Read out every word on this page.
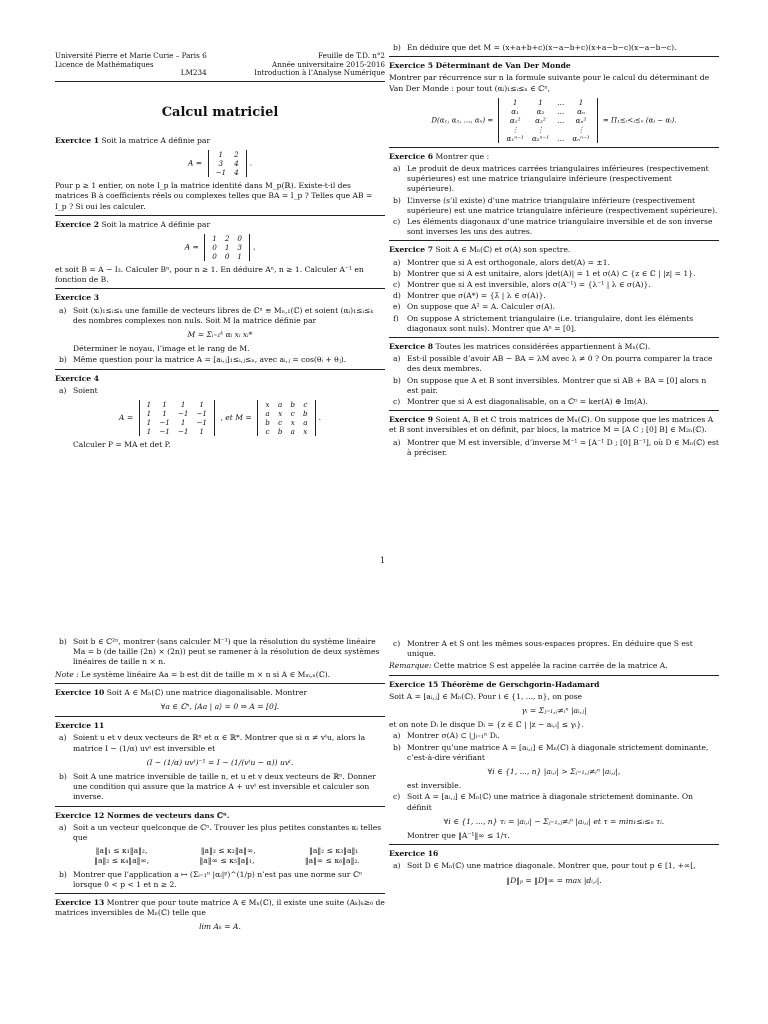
Université Pierre et Marie Curie – Paris 6
Licence de Mathématiques
LM234
Feuille de T.D. n°2
Année universitaire 2015-2016
Introduction à l’Analyse Numérique
Calcul matriciel
Exercice 1 Soit la matrice A définie par
A =
1	2
3	4
−1	4
.
Pour p ≥ 1 entier, on note I_p la matrice identité dans M_p(ℝ). Existe-t-il des matrices B à coefficients réels ou complexes telles que BA = I_p ? Telles que AB = I_p ? Si oui les calculer.
Exercice 2 Soit la matrice A définie par
A =
1	2	0
0	1	3
0	0	1
,
et soit B = A − I₃. Calculer Bⁿ, pour n ≥ 1. En déduire Aⁿ, n ≥ 1. Calculer A⁻¹ en fonction de B.
Exercice 3
a) Soit (xᵢ)₁≤ᵢ≤ₖ une famille de vecteurs libres de ℂⁿ ≡ Mₙ,₁(ℂ) et soient (αᵢ)₁≤ᵢ≤ₖ des nombres complexes non nuls. Soit M la matrice définie par
M = Σᵢ₌₁ᵏ αᵢ xᵢ xᵢ*
Déterminer le noyau, l’image et le rang de M.
b) Même question pour la matrice A = [aᵢ,ⱼ]₁≤ᵢ,ⱼ≤ₙ, avec aᵢ,ⱼ = cos(θᵢ + θⱼ).
Exercice 4
a) Soient
A =
1	1	1	1
1	1	−1	−1
1	−1	1	−1
1	−1	−1	1
, et M =
x	a	b	c
a	x	c	b
b	c	x	a
c	b	a	x
.
Calculer P = MA et det P.
b) En déduire que det M = (x+a+b+c)(x−a−b+c)(x+a−b−c)(x−a−b−c).
Exercice 5 Déterminant de Van Der Monde
Montrer par récurrence sur n la formule suivante pour le calcul du déterminant de Van Der Monde : pour tout (αᵢ)₁≤ᵢ≤ₙ ∈ ℂⁿ,
D(α₁, α₂, ..., αₙ) =
1	1	…	1
α₁	α₂	…	αₙ
α₁²	α₂²	…	αₙ²
⋮	⋮		⋮
α₁ⁿ⁻¹	α₂ⁿ⁻¹	…	αₙⁿ⁻¹
= Π₁≤ᵢ<ⱼ≤ₙ (αⱼ − αᵢ).
Exercice 6 Montrer que :
a) Le produit de deux matrices carrées triangulaires inférieures (respectivement supérieures) est une matrice triangulaire inférieure (respectivement supérieure).
b) L’inverse (s’il existe) d’une matrice triangulaire inférieure (respectivement supérieure) est une matrice triangulaire inférieure (respectivement supérieure).
c) Les éléments diagonaux d’une matrice triangulaire inversible et de son inverse sont inverses les uns des autres.
Exercice 7 Soit A ∈ Mₙ(ℂ) et σ(A) son spectre.
a) Montrer que si A est orthogonale, alors det(A) = ±1.
b) Montrer que si A est unitaire, alors |det(A)| = 1 et σ(A) ⊂ {z ∈ ℂ | |z| = 1}.
c) Montrer que si A est inversible, alors σ(A⁻¹) = {λ⁻¹ | λ ∈ σ(A)}.
d) Montrer que σ(A*) = {λ̄ | λ ∈ σ(A)}.
e) On suppose que A² = A. Calculer σ(A).
f)	On suppose A strictement triangulaire (i.e. triangulaire, dont les éléments diagonaux sont nuls). Montrer que Aⁿ = [0].
Exercice 8 Toutes les matrices considérées appartiennent à Mₙ(ℂ).
a) Est-il possible d’avoir AB − BA = λM avec λ ≠ 0 ? On pourra comparer la trace des deux membres.
b) On suppose que A et B sont inversibles. Montrer que si AB + BA = [0] alors n est pair.
c) Montrer que si A est diagonalisable, on a ℂⁿ = ker(A) ⊕ Im(A).
Exercice 9 Soient A, B et C trois matrices de Mₙ(ℂ). On suppose que les matrices A et B sont inversibles et on définit, par blocs, la matrice M = [A C ; [0] B] ∈ M₂ₙ(ℂ).
a) Montrer que M est inversible, d’inverse M⁻¹ = [A⁻¹ D ; [0] B⁻¹], où D ∈ Mₙ(ℂ) est à préciser.
1
b) Soit b ∈ ℂ²ⁿ, montrer (sans calculer M⁻¹) que la résolution du système linéaire Ma = b (de taille (2n) × (2n)) peut se ramener à la résolution de deux systèmes linéaires de taille n × n.
Note : Le système linéaire Aa = b est dit de taille m × n si A ∈ Mₘ,ₙ(ℂ).
Exercice 10 Soit A ∈ Mₙ(ℂ) une matrice diagonalisable. Montrer
∀a ∈ ℂⁿ, ⟨Aa | a⟩ = 0 ⇒ A = [0].
Exercice 11
a) Soient u et v deux vecteurs de ℝⁿ et α ∈ ℝ*. Montrer que si α ≠ vᵗu, alors la matrice I − (1/α) uvᵗ est inversible et
(I − (1/α) uvᵗ)⁻¹ = I − (1/(vᵗu − α)) uvᵗ.
b) Soit A une matrice inversible de taille n, et u et v deux vecteurs de ℝⁿ. Donner une condition qui assure que la matrice A + uvᵗ est inversible et calculer son inverse.
Exercice 12 Normes de vecteurs dans ℂⁿ.
a) Soit a un vecteur quelconque de ℂⁿ. Trouver les plus petites constantes κᵢ telles que
‖a‖₁ ≤ κ₁‖a‖₂,	‖a‖₂ ≤ κ₂‖a‖∞,	‖a‖₂ ≤ κ₃‖a‖₁
‖a‖₂ ≤ κ₄‖a‖∞,	‖a‖∞ ≤ κ₅‖a‖₁,	‖a‖∞ ≤ κ₆‖a‖₂.
b) Montrer que l’application a ↦ (Σᵢ₌₁ⁿ |αᵢ|ᵖ)^(1/p) n’est pas une norme sur ℂⁿ lorsque 0 < p < 1 et n ≥ 2.
Exercice 13 Montrer que pour toute matrice A ∈ Mₙ(ℂ), il existe une suite (Aₖ)ₖ≥₀ de matrices inversibles de Mₙ(ℂ) telle que
lim Aₖ = A.
c) Montrer A et S ont les mêmes sous-espaces propres. En déduire que S est unique.
Remarque: Cette matrice S est appelée la racine carrée de la matrice A.
Exercice 15 Théorème de Gerschgorin-Hadamard
Soit A = [aᵢ,ⱼ] ∈ Mₙ(ℂ). Pour i ∈ {1, ..., n}, on pose
γᵢ = Σⱼ₌₁,ⱼ≠ᵢⁿ |aᵢ,ⱼ|
et on note Dᵢ le disque Dᵢ = {z ∈ ℂ | |z − aᵢ,ᵢ| ≤ γᵢ}.
a) Montrer σ(A) ⊂ ⋃ᵢ₌₁ⁿ Dᵢ.
b) Montrer qu’une matrice A = [aᵢ,ⱼ] ∈ Mₙ(ℂ) à diagonale strictement dominante, c’est-à-dire vérifiant
∀i ∈ {1, ..., n} |aᵢ,ᵢ| > Σⱼ₌₁,ⱼ≠ᵢⁿ |aᵢ,ⱼ|,
est inversible.
c) Soit A = [aᵢ,ⱼ] ∈ Mₙ(ℂ) une matrice à diagonale strictement dominante. On définit
∀i ∈ {1, ..., n} τᵢ = |aᵢ,ᵢ| − Σⱼ₌₁,ⱼ≠ᵢⁿ |aᵢ,ⱼ| et τ = min₁≤ᵢ≤ₙ τᵢ.
Montrer que ‖A⁻¹‖∞ ≤ 1/τ.
Exercice 16
a) Soit D ∈ Mₙ(ℂ) une matrice diagonale. Montrer que, pour tout p ∈ [1, +∞[,
‖D‖ₚ = ‖D‖∞ = max |dᵢ,ᵢ|.
